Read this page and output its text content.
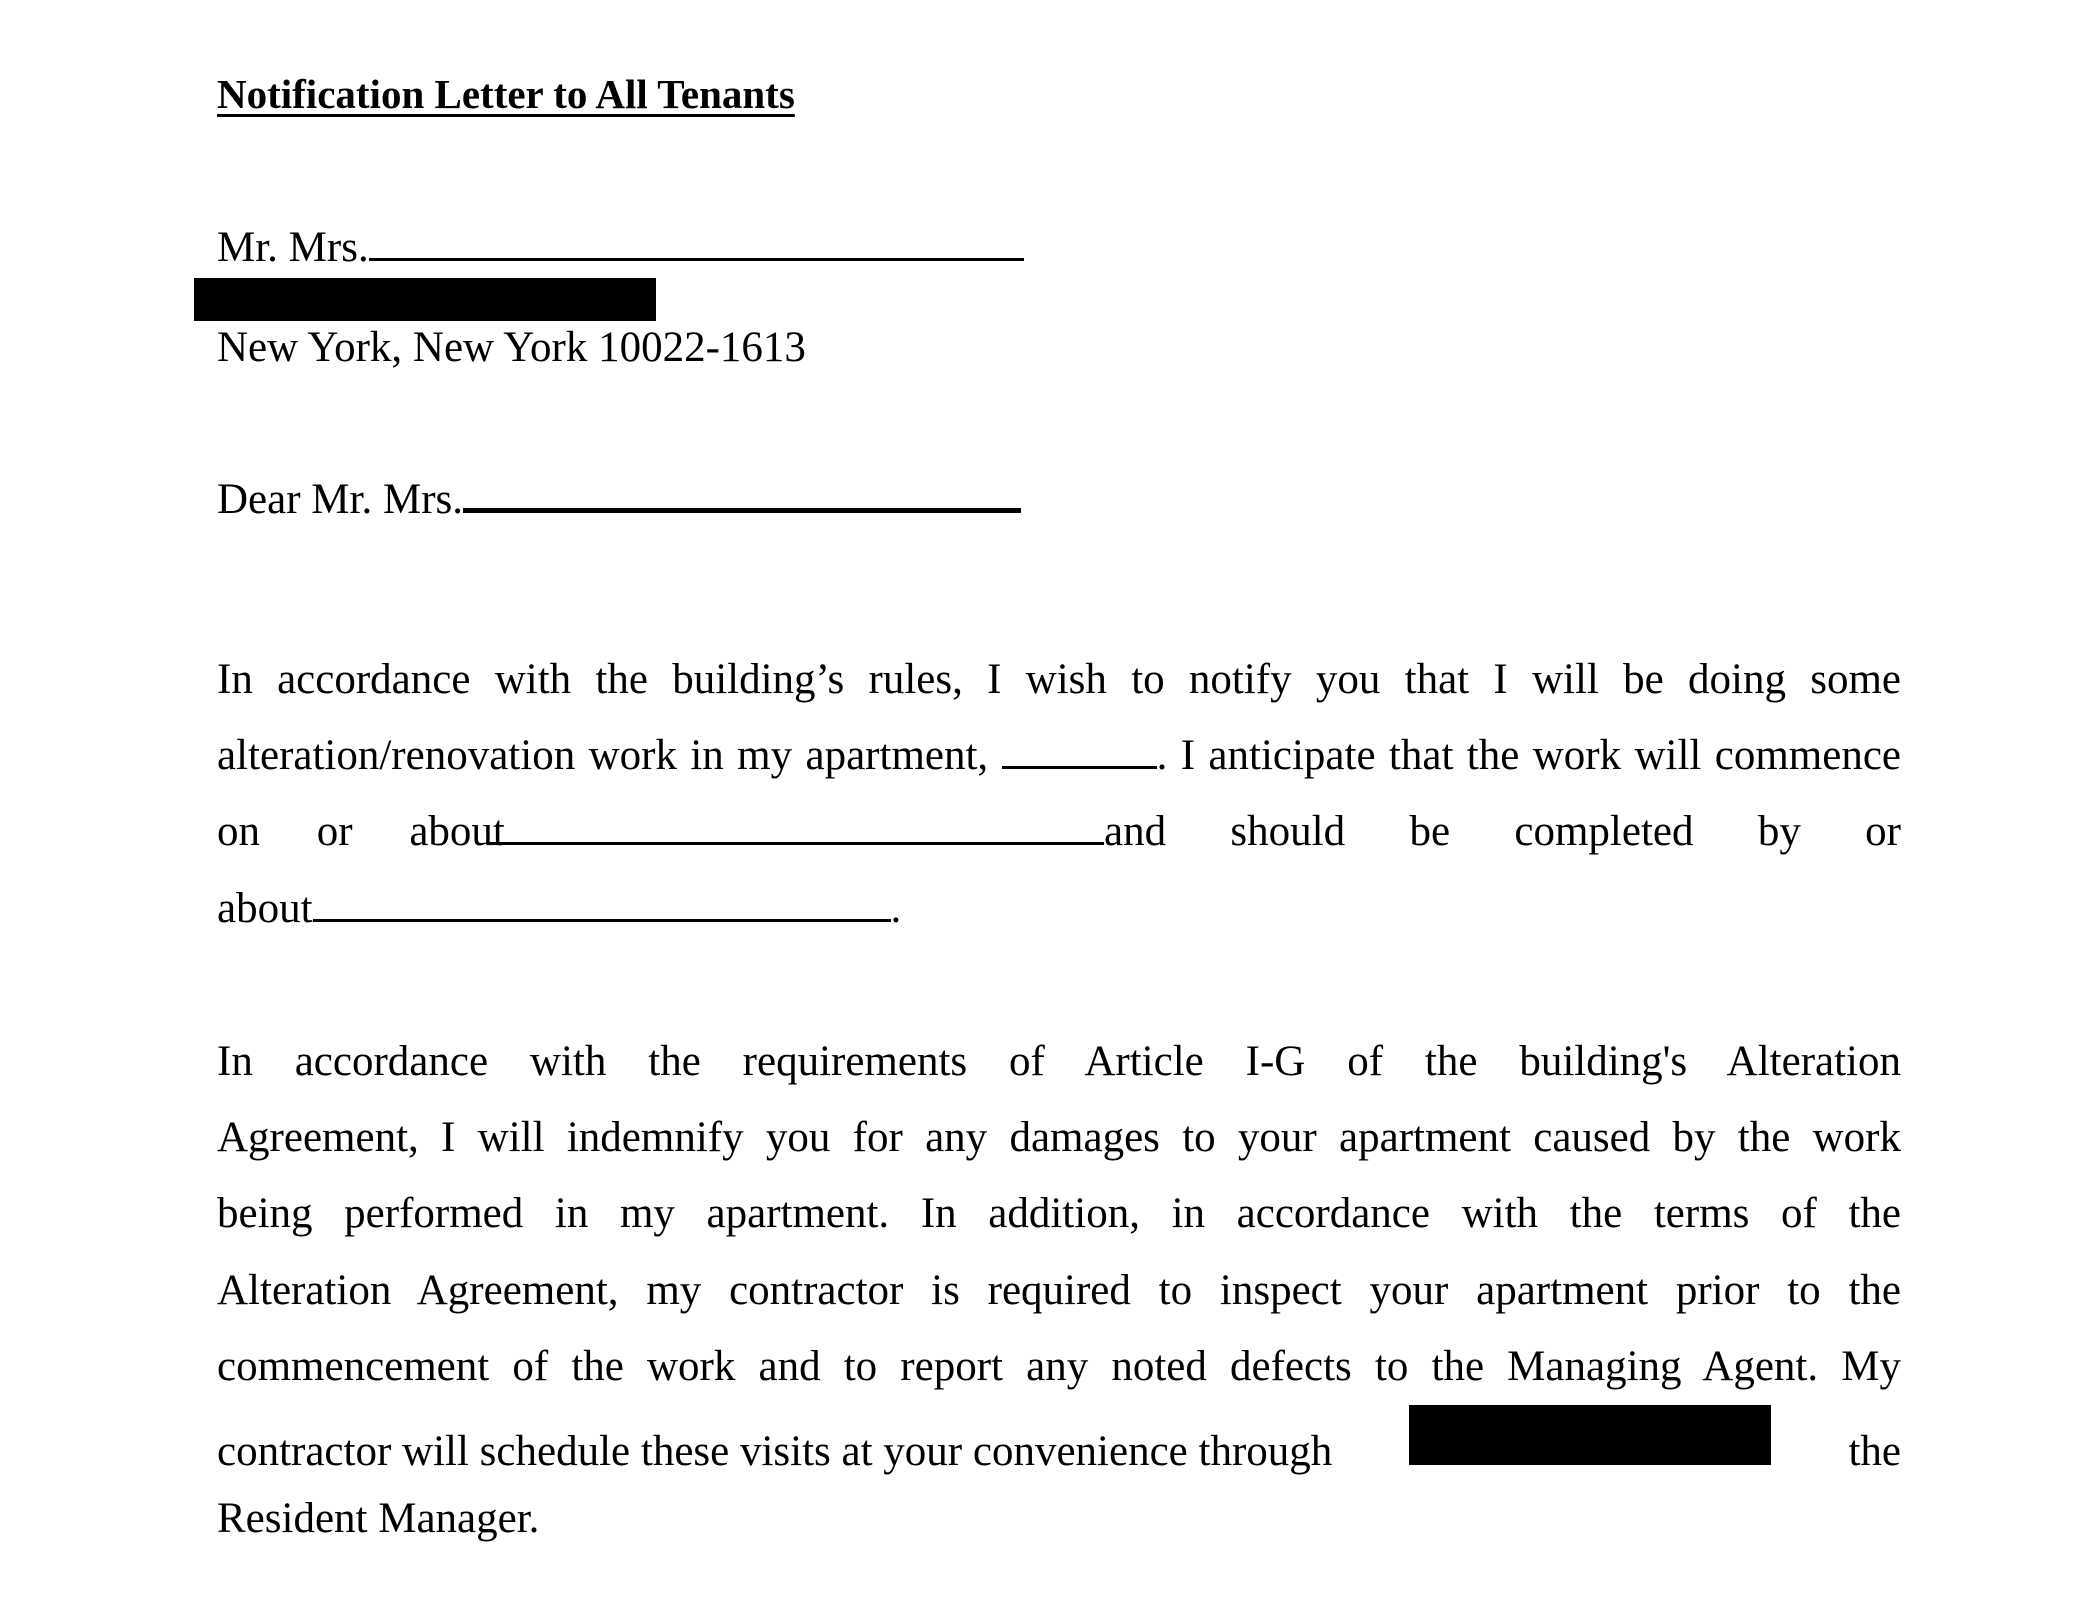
Notification Letter to All Tenants
Mr. Mrs.
New York, New York 10022-1613
Dear Mr. Mrs.
In accordance with the building’s rules, I wish to notify you that I will be doing some
alteration/renovation work in my apartment,	. I anticipate that the work will commence
on or about	and should be completed by or
about	.
In accordance with the requirements of Article I-G of the building's Alteration
Agreement, I will indemnify you for any damages to your apartment caused by the work
being performed in my apartment. In addition, in accordance with the terms of the
Alteration Agreement, my contractor is required to inspect your apartment prior to the
commencement of the work and to report any noted defects to the Managing Agent. My
contractor will schedule these visits at your convenience through	the
Resident Manager.
